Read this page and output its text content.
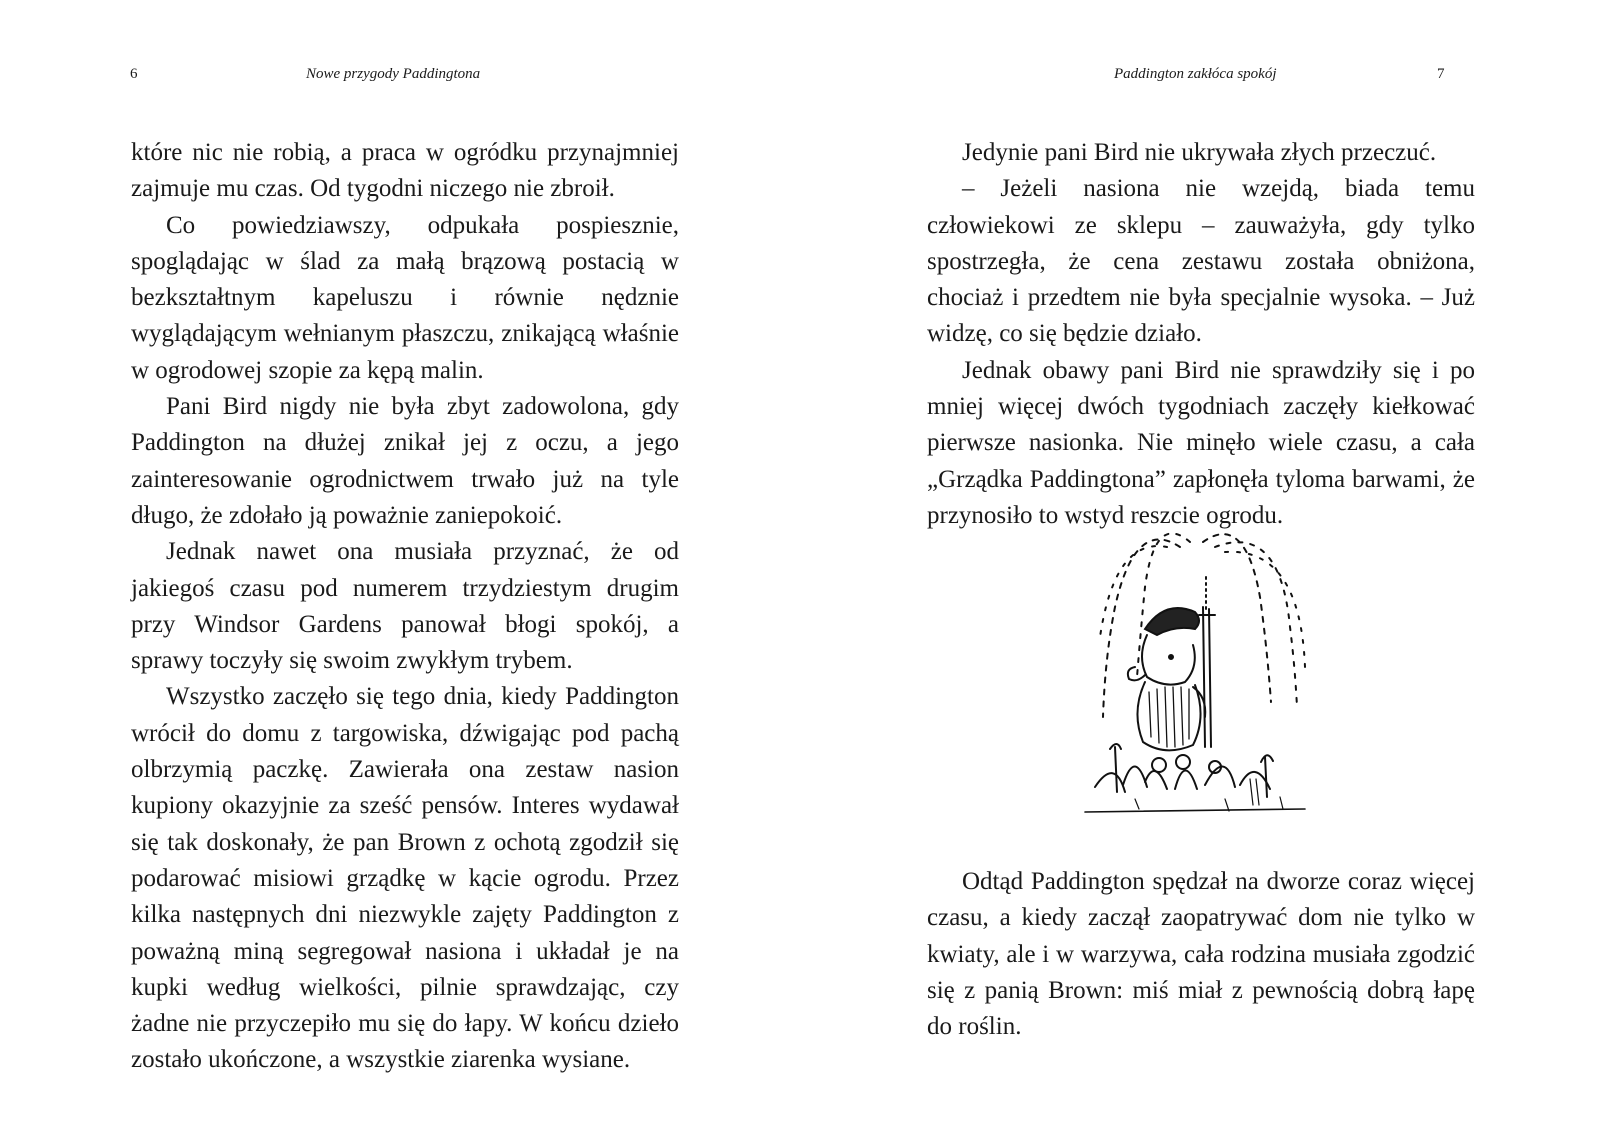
6	Nowe przygody Paddingtona

które nic nie robią, a praca w ogródku przynajmniej zajmuje mu czas. Od tygodni niczego nie zbroił.

Co powiedziawszy, odpukała pospiesznie, spoglądając w ślad za małą brązową postacią w bezkształtnym kapeluszu i równie nędznie wyglądającym wełnianym płaszczu, znikającą właśnie w ogrodowej szopie za kępą malin.

Pani Bird nigdy nie była zbyt zadowolona, gdy Paddington na dłużej znikał jej z oczu, a jego zainteresowanie ogrodnictwem trwało już na tyle długo, że zdołało ją poważnie zaniepokoić.

Jednak nawet ona musiała przyznać, że od jakiegoś czasu pod numerem trzydziestym drugim przy Windsor Gardens panował błogi spokój, a sprawy toczyły się swoim zwykłym trybem.

Wszystko zaczęło się tego dnia, kiedy Paddington wrócił do domu z targowiska, dźwigając pod pachą olbrzymią paczkę. Zawierała ona zestaw nasion kupiony okazyjnie za sześć pensów. Interes wydawał się tak doskonały, że pan Brown z ochotą zgodził się podarować misiowi grządkę w kącie ogrodu. Przez kilka następnych dni niezwykle zajęty Paddington z poważną miną segregował nasiona i układał je na kupki według wielkości, pilnie sprawdzając, czy żadne nie przyczepiło mu się do łapy. W końcu dzieło zostało ukończone, a wszystkie ziarenka wysiane.

Paddington zakłóca spokój	7

Jedynie pani Bird nie ukrywała złych przeczuć.

– Jeżeli nasiona nie wzejdą, biada temu człowiekowi ze sklepu – zauważyła, gdy tylko spostrzegła, że cena zestawu została obniżona, chociaż i przedtem nie była specjalnie wysoka. – Już widzę, co się będzie działo.

Jednak obawy pani Bird nie sprawdziły się i po mniej więcej dwóch tygodniach zaczęły kiełkować pierwsze nasionka. Nie minęło wiele czasu, a cała „Grządka Paddingtona” zapłonęła tyloma barwami, że przynosiło to wstyd reszcie ogrodu.

Odtąd Paddington spędzał na dworze coraz więcej czasu, a kiedy zaczął zaopatrywać dom nie tylko w kwiaty, ale i w warzywa, cała rodzina musiała zgodzić się z panią Brown: miś miał z pewnością dobrą łapę do roślin.
